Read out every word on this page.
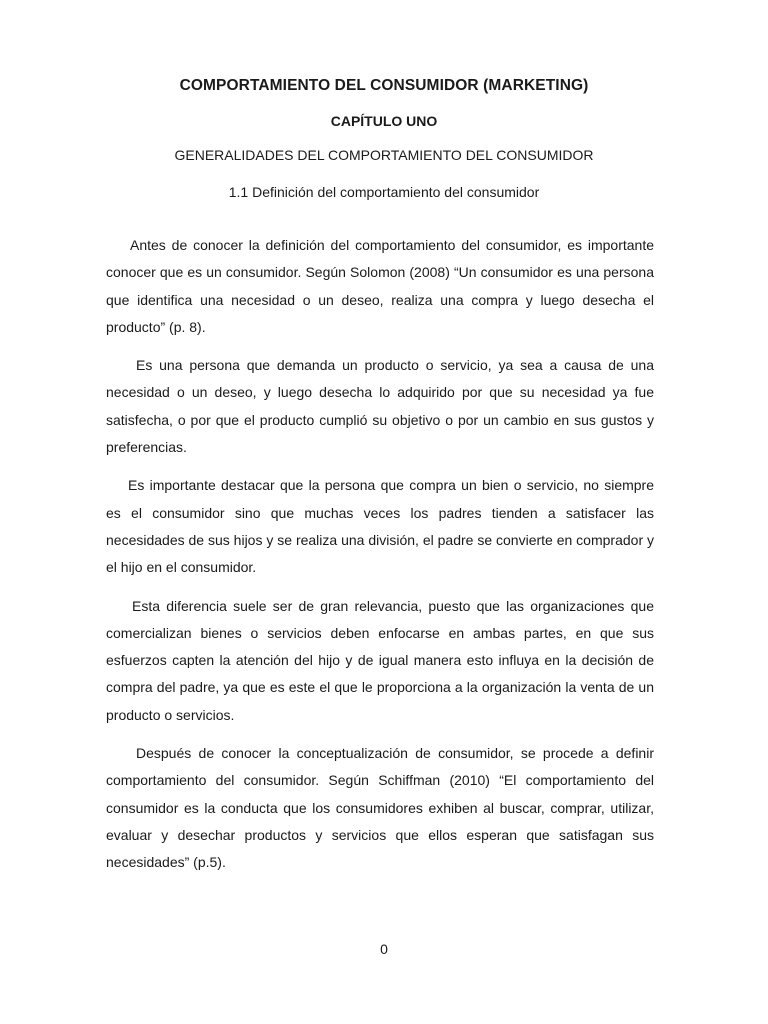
COMPORTAMIENTO DEL CONSUMIDOR (MARKETING)
CAPÍTULO UNO
GENERALIDADES DEL COMPORTAMIENTO DEL CONSUMIDOR
1.1 Definición del comportamiento del consumidor

Antes de conocer la definición del comportamiento del consumidor, es importante conocer que es un consumidor. Según Solomon (2008) “Un consumidor es una persona que identifica una necesidad o un deseo, realiza una compra y luego desecha el producto” (p. 8).

Es una persona que demanda un producto o servicio, ya sea a causa de una necesidad o un deseo, y luego desecha lo adquirido por que su necesidad ya fue satisfecha, o por que el producto cumplió su objetivo o por un cambio en sus gustos y preferencias.

Es importante destacar que la persona que compra un bien o servicio, no siempre es el consumidor sino que muchas veces los padres tienden a satisfacer las necesidades de sus hijos y se realiza una división, el padre se convierte en comprador y el hijo en el consumidor.

Esta diferencia suele ser de gran relevancia, puesto que las organizaciones que comercializan bienes o servicios deben enfocarse en ambas partes, en que sus esfuerzos capten la atención del hijo y de igual manera esto influya en la decisión de compra del padre, ya que es este el que le proporciona a la organización la venta de un producto o servicios.

Después de conocer la conceptualización de consumidor, se procede a definir comportamiento del consumidor. Según Schiffman (2010) “El comportamiento del consumidor es la conducta que los consumidores exhiben al buscar, comprar, utilizar, evaluar y desechar productos y servicios que ellos esperan que satisfagan sus necesidades” (p.5).

0
